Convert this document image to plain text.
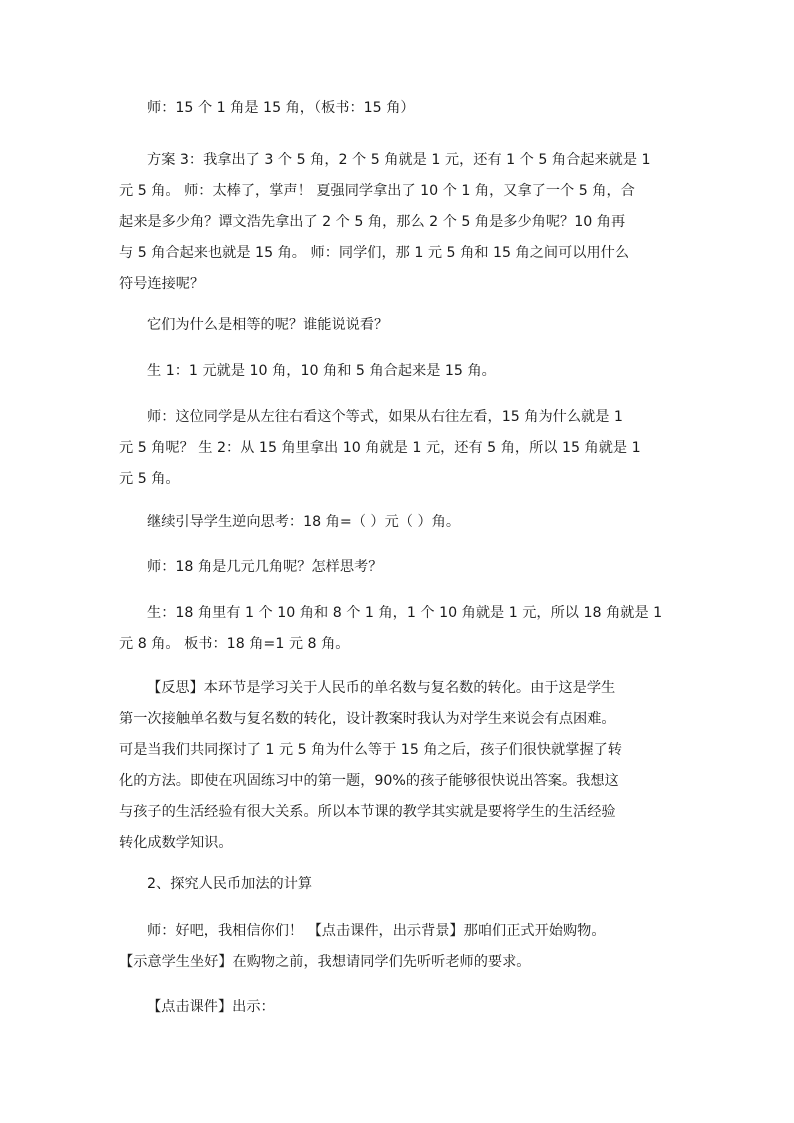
师：15 个 1 角是 15 角，（板书：15 角）

方案 3：我拿出了 3 个 5 角，2 个 5 角就是 1 元，还有 1 个 5 角合起来就是 1
元 5 角。 师：太棒了，掌声！ 夏强同学拿出了 10 个 1 角，又拿了一个 5 角，合
起来是多少角？谭文浩先拿出了 2 个 5 角，那么 2 个 5 角是多少角呢？10 角再
与 5 角合起来也就是 15 角。 师：同学们，那 1 元 5 角和 15 角之间可以用什么
符号连接呢？

它们为什么是相等的呢？谁能说说看？

生 1：1 元就是 10 角，10 角和 5 角合起来是 15 角。

师：这位同学是从左往右看这个等式，如果从右往左看，15 角为什么就是 1
元 5 角呢？ 生 2：从 15 角里拿出 10 角就是 1 元，还有 5 角，所以 15 角就是 1
元 5 角。

继续引导学生逆向思考：18 角=（ ）元（ ）角。

师：18 角是几元几角呢？怎样思考？

生：18 角里有 1 个 10 角和 8 个 1 角，1 个 10 角就是 1 元，所以 18 角就是 1
元 8 角。 板书：18 角=1 元 8 角。

【反思】本环节是学习关于人民币的单名数与复名数的转化。由于这是学生
第一次接触单名数与复名数的转化，设计教案时我认为对学生来说会有点困难。
可是当我们共同探讨了 1 元 5 角为什么等于 15 角之后，孩子们很快就掌握了转
化的方法。即使在巩固练习中的第一题，90%的孩子能够很快说出答案。我想这
与孩子的生活经验有很大关系。所以本节课的教学其实就是要将学生的生活经验
转化成数学知识。

2、探究人民币加法的计算

师：好吧，我相信你们！ 【点击课件，出示背景】那咱们正式开始购物。
【示意学生坐好】在购物之前，我想请同学们先听听老师的要求。

【点击课件】出示：
